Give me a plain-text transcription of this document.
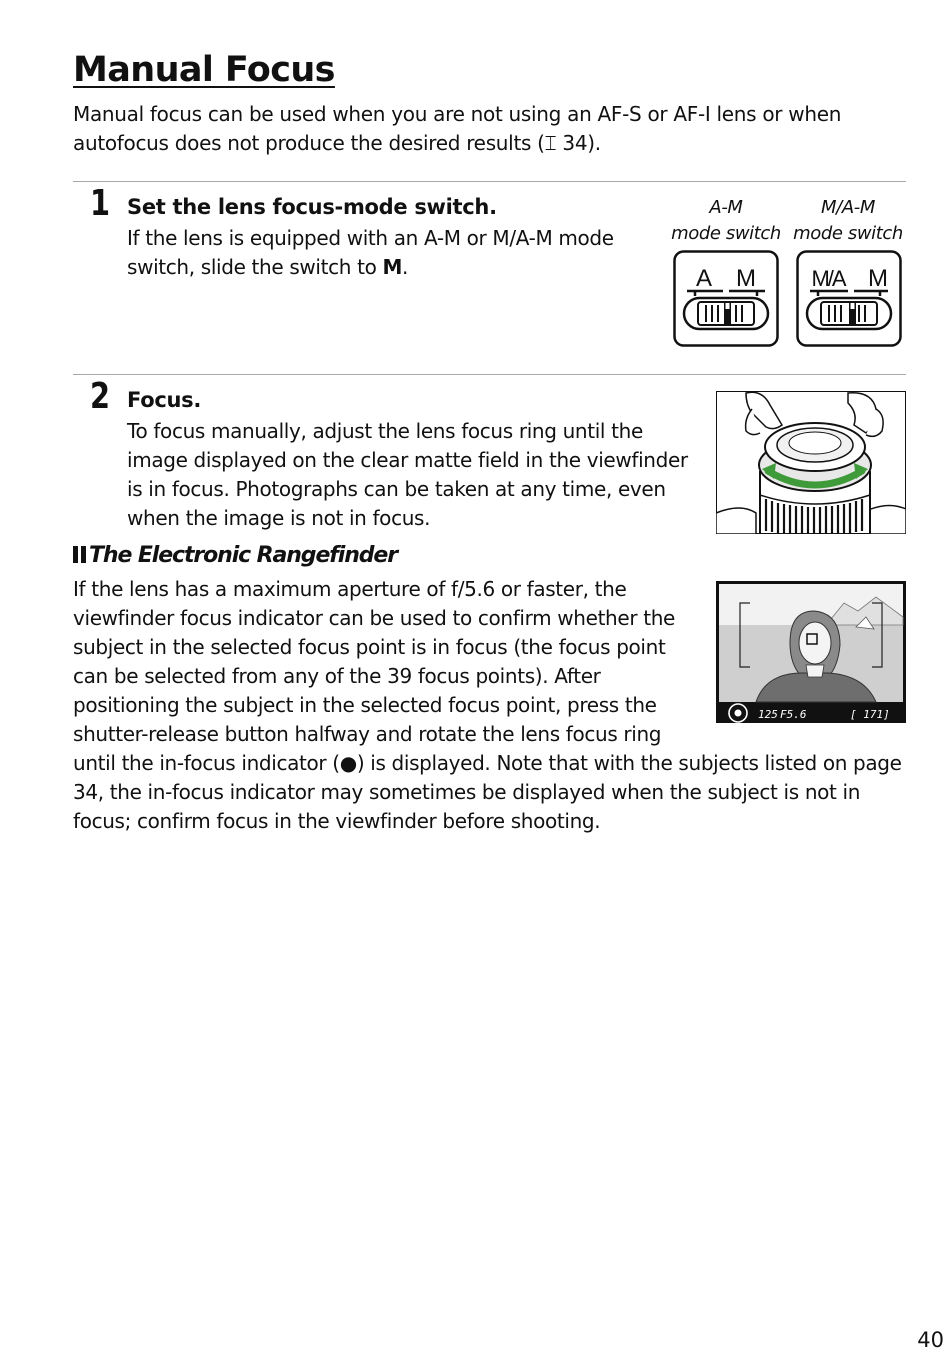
Manual Focus

Manual focus can be used when you are not using an AF-S or AF-I lens or when autofocus does not produce the desired results (⌶ 34).

1 Set the lens focus-mode switch.

If the lens is equipped with an A-M or M/A-M mode switch, slide the switch to M.

A-M
mode switch
M/A-M
mode switch
A M	M/A M
2 Focus.

To focus manually, adjust the lens focus ring until the image displayed on the clear matte field in the viewfinder is in focus. Photographs can be taken at any time, even when the image is not in focus.

The Electronic Rangefinder

If the lens has a maximum aperture of f/5.6 or faster, the viewfinder focus indicator can be used to confirm whether the subject in the selected focus point is in focus (the focus point can be selected from any of the 39 focus points). After positioning the subject in the selected focus point, press the shutter-release button halfway and rotate the lens focus ring until the in-focus indicator (●) is displayed. Note that with the subjects listed on page 34, the in-focus indicator may sometimes be displayed when the subject is not in focus; confirm focus in the viewfinder before shooting.

125 F5.6	[ 171]
40
